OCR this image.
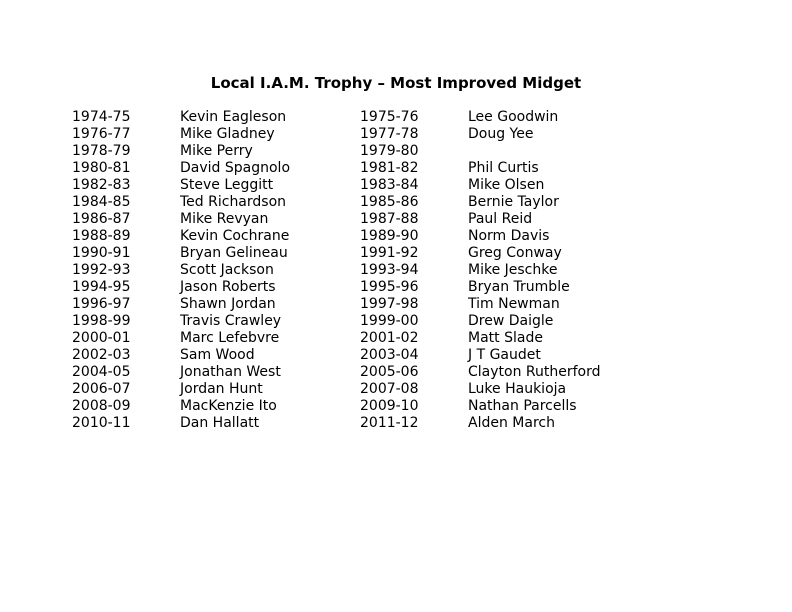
Local I.A.M. Trophy – Most Improved Midget
1974-75	Kevin Eagleson	1975-76	Lee Goodwin
1976-77	Mike Gladney	1977-78	Doug Yee
1978-79	Mike Perry	1979-80	
1980-81	David Spagnolo	1981-82	Phil Curtis
1982-83	Steve Leggitt	1983-84	Mike Olsen
1984-85	Ted Richardson	1985-86	Bernie Taylor
1986-87	Mike Revyan	1987-88	Paul Reid
1988-89	Kevin Cochrane	1989-90	Norm Davis
1990-91	Bryan Gelineau	1991-92	Greg Conway
1992-93	Scott Jackson	1993-94	Mike Jeschke
1994-95	Jason Roberts	1995-96	Bryan Trumble
1996-97	Shawn Jordan	1997-98	Tim Newman
1998-99	Travis Crawley	1999-00	Drew Daigle
2000-01	Marc Lefebvre	2001-02	Matt Slade
2002-03	Sam Wood	2003-04	J T Gaudet
2004-05	Jonathan West	2005-06	Clayton Rutherford
2006-07	Jordan Hunt	2007-08	Luke Haukioja
2008-09	MacKenzie Ito	2009-10	Nathan Parcells
2010-11	Dan Hallatt	2011-12	Alden March
